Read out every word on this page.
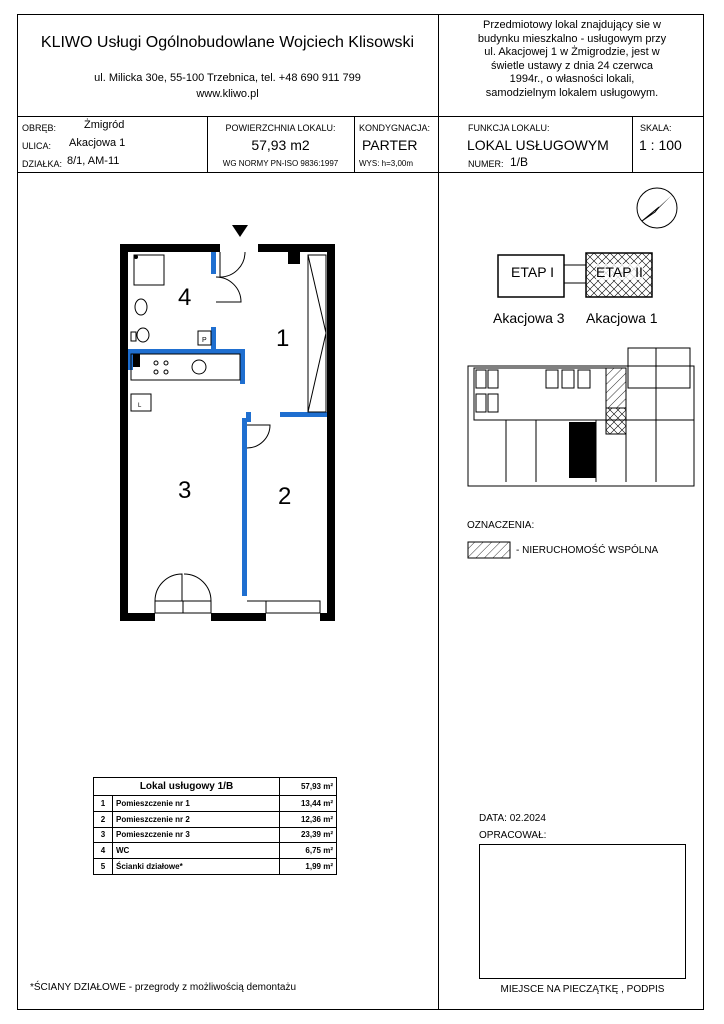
KLIWO Usługi Ogólnobudowlane Wojciech Klisowski
ul. Milicka 30e, 55-100 Trzebnica, tel. +48 690 911 799
www.kliwo.pl
Przedmiotowy lokal znajdujący sie w
budynku mieszkalno - usługowym przy
ul. Akacjowej 1 w Żmigrodzie, jest w
świetle ustawy z dnia 24 czerwca
1994r., o własności lokali,
samodzielnym lokalem usługowym.
OBRĘB:	Żmigród
ULICA: Akacjowa 1
DZIAŁKA: 8/1, AM-11
POWIERZCHNIA LOKALU:
57,93 m2
WG NORMY PN-ISO 9836:1997
KONDYGNACJA:
PARTER
WYS: h=3,00m
FUNKCJA LOKALU:
LOKAL USŁUGOWYM
NUMER: 1/B
SKALA:
1 : 100
P
L
1
2
3
4
ETAP I	ETAP II
Akacjowa 3 Akacjowa 1
OZNACZENIA:
- NIERUCHOMOŚĆ WSPÓLNA
Lokal usługowy 1/B		57,93 m²
1	Pomieszczenie nr 1	13,44 m²
2	Pomieszczenie nr 2	12,36 m²
3	Pomieszczenie nr 3	23,39 m²
4	WC	6,75 m²
5	Ścianki działowe*	1,99 m²
DATA: 02.2024
OPRACOWAŁ:
MIEJSCE NA PIECZĄTKĘ , PODPIS
*ŚCIANY DZIAŁOWE - przegrody z możliwością demontażu
